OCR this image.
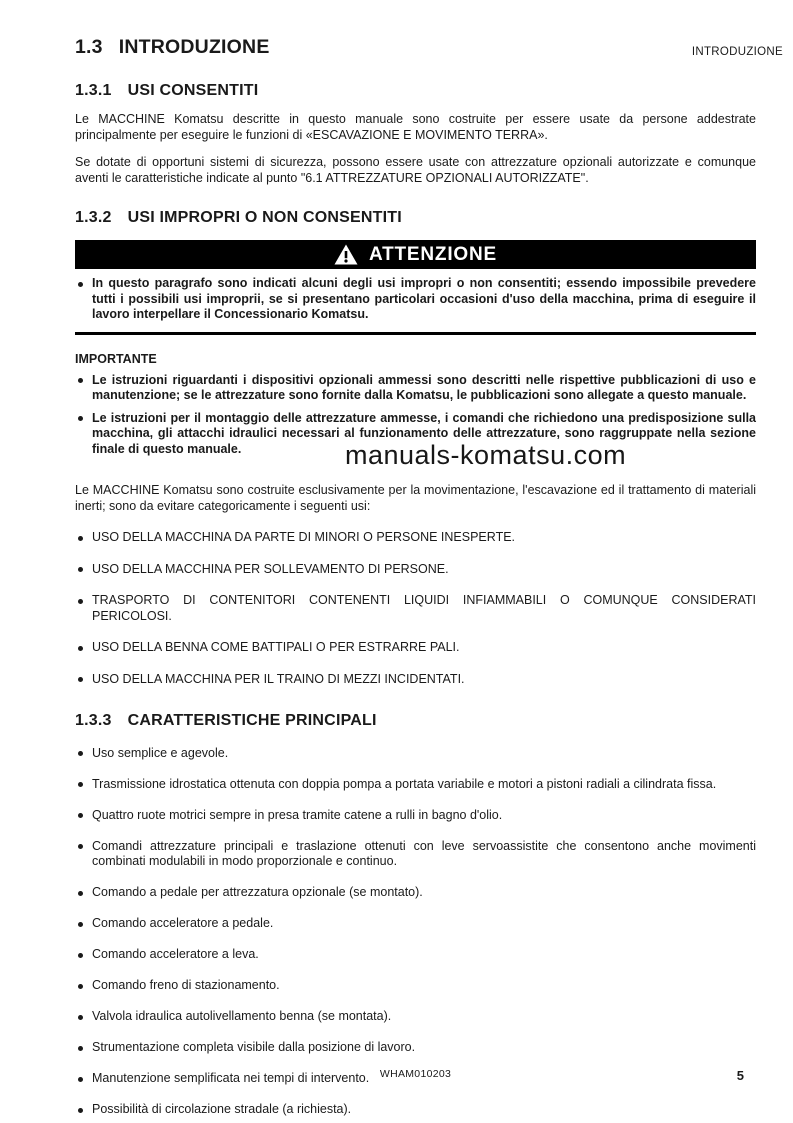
INTRODUZIONE
manuals-komatsu.com
1.3 INTRODUZIONE
1.3.1 USI CONSENTITI

Le MACCHINE Komatsu descritte in questo manuale sono costruite per essere usate da persone addestrate principalmente per eseguire le funzioni di «ESCAVAZIONE E MOVIMENTO TERRA».

Se dotate di opportuni sistemi di sicurezza, possono essere usate con attrezzature opzionali autorizzate e comunque aventi le caratteristiche indicate al punto "6.1 ATTREZZATURE OPZIONALI AUTORIZZATE".

1.3.2 USI IMPROPRI O NON CONSENTITI
ATTENZIONE
In questo paragrafo sono indicati alcuni degli usi impropri o non consentiti; essendo impossibile prevedere tutti i possibili usi improprii, se si presentano particolari occasioni d'uso della macchina, prima di eseguire il lavoro interpellare il Concessionario Komatsu.
IMPORTANTE
Le istruzioni riguardanti i dispositivi opzionali ammessi sono descritti nelle rispettive pubblicazioni di uso e manutenzione; se le attrezzature sono fornite dalla Komatsu, le pubblicazioni sono allegate a questo manuale.
Le istruzioni per il montaggio delle attrezzature ammesse, i comandi che richiedono una predisposizione sulla macchina, gli attacchi idraulici necessari al funzionamento delle attrezzature, sono raggruppate nella sezione finale di questo manuale.

Le MACCHINE Komatsu sono costruite esclusivamente per la movimentazione, l'escavazione ed il trattamento di materiali inerti; sono da evitare categoricamente i seguenti usi:

USO DELLA MACCHINA DA PARTE DI MINORI O PERSONE INESPERTE.
USO DELLA MACCHINA PER SOLLEVAMENTO DI PERSONE.
TRASPORTO DI CONTENITORI CONTENENTI LIQUIDI INFIAMMABILI O COMUNQUE CONSIDERATI PERICOLOSI.
USO DELLA BENNA COME BATTIPALI O PER ESTRARRE PALI.
USO DELLA MACCHINA PER IL TRAINO DI MEZZI INCIDENTATI.
1.3.3 CARATTERISTICHE PRINCIPALI
Uso semplice e agevole.
Trasmissione idrostatica ottenuta con doppia pompa a portata variabile e motori a pistoni radiali a cilindrata fissa.
Quattro ruote motrici sempre in presa tramite catene a rulli in bagno d'olio.
Comandi attrezzature principali e traslazione ottenuti con leve servoassistite che consentono anche movimenti combinati modulabili in modo proporzionale e continuo.
Comando a pedale per attrezzatura opzionale (se montato).
Comando acceleratore a pedale.
Comando acceleratore a leva.
Comando freno di stazionamento.
Valvola idraulica autolivellamento benna (se montata).
Strumentazione completa visibile dalla posizione di lavoro.
Manutenzione semplificata nei tempi di intervento.
Possibilità di circolazione stradale (a richiesta).
WHAM010203	5
